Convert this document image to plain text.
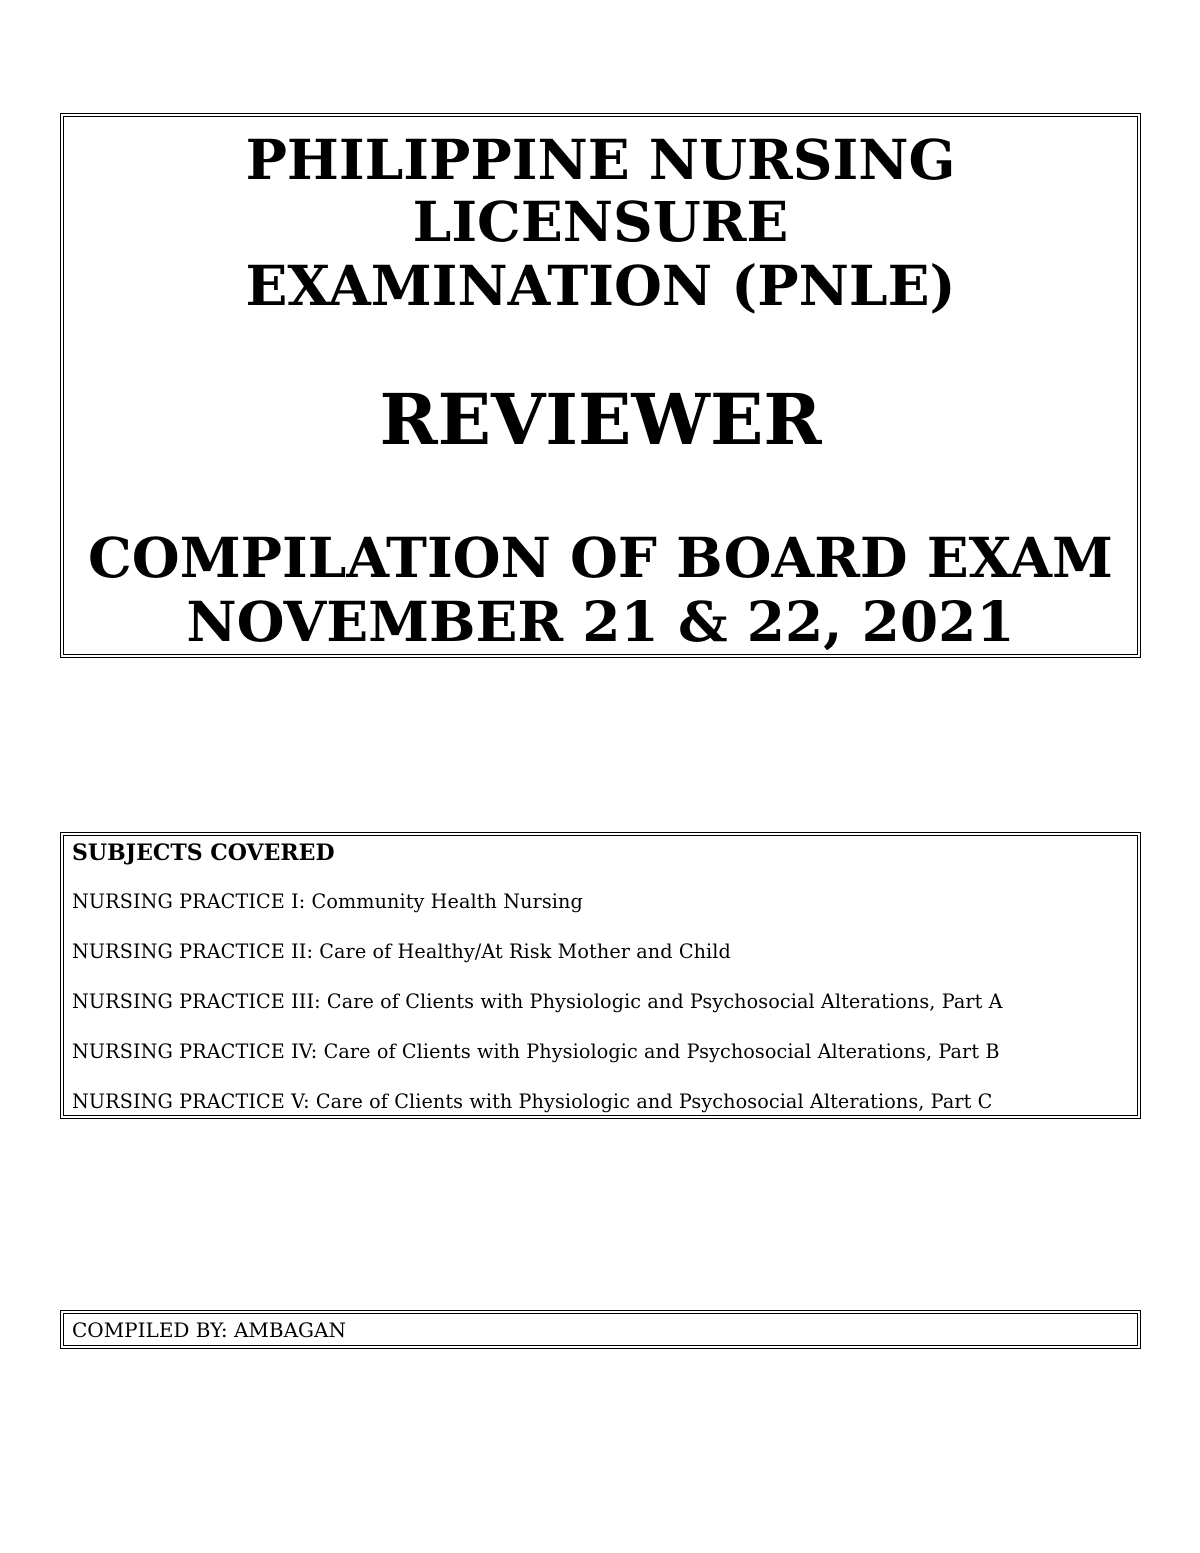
PHILIPPINE NURSING
LICENSURE
EXAMINATION (PNLE)
REVIEWER
COMPILATION OF BOARD EXAM
NOVEMBER 21 & 22, 2021
SUBJECTS COVERED
NURSING PRACTICE I: Community Health Nursing
NURSING PRACTICE II: Care of Healthy/At Risk Mother and Child
NURSING PRACTICE III: Care of Clients with Physiologic and Psychosocial Alterations, Part A
NURSING PRACTICE IV: Care of Clients with Physiologic and Psychosocial Alterations, Part B
NURSING PRACTICE V: Care of Clients with Physiologic and Psychosocial Alterations, Part C
COMPILED BY: AMBAGAN
